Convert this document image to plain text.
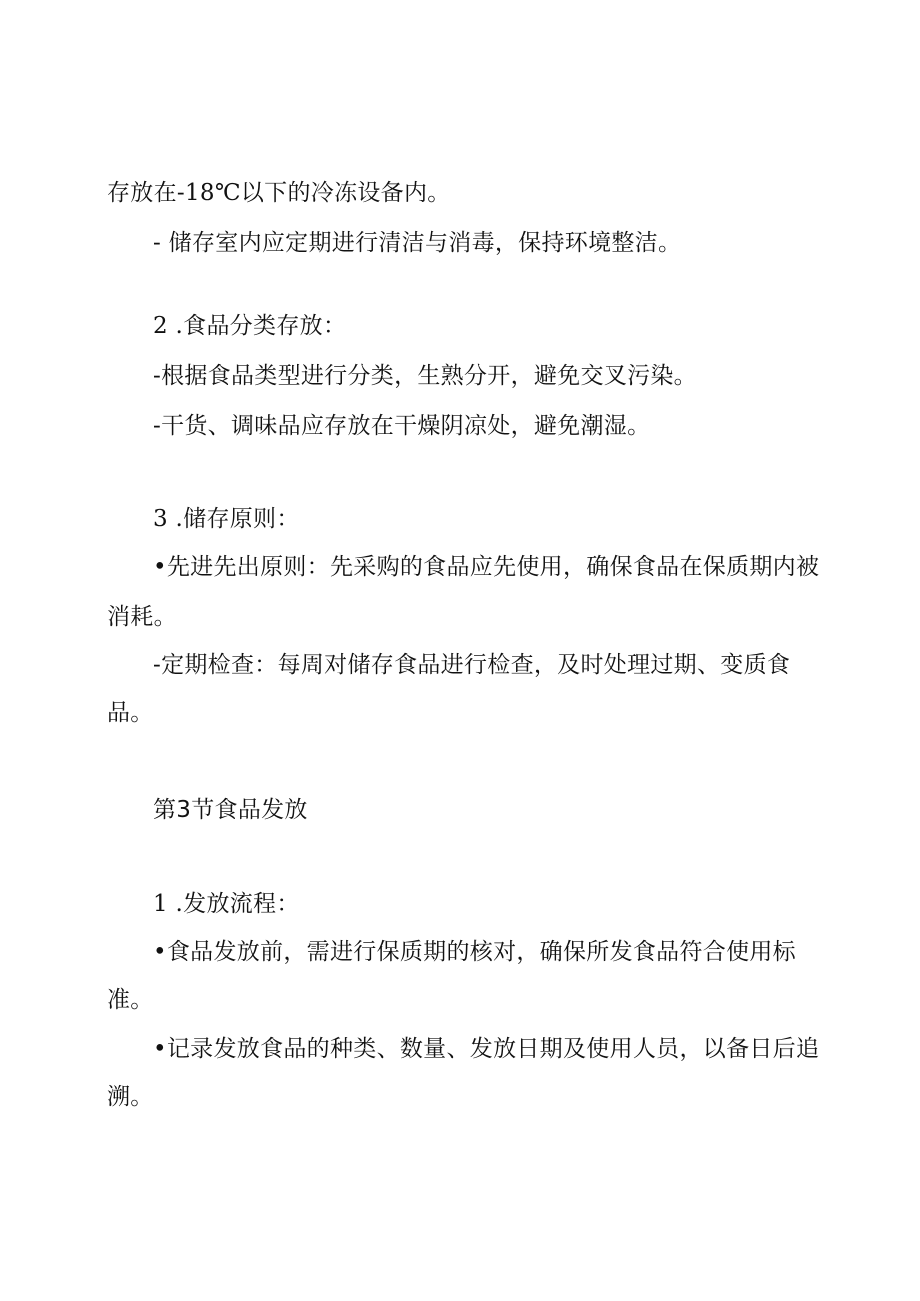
存放在-18℃以下的冷冻设备内。
- 储存室内应定期进行清洁与消毒，保持环境整洁。
2 .食品分类存放：
-根据食品类型进行分类，生熟分开，避免交叉污染。
-干货、调味品应存放在干燥阴凉处，避免潮湿。
3 .储存原则：
•先进先出原则：先采购的食品应先使用，确保食品在保质期内被
消耗。
-定期检查：每周对储存食品进行检查，及时处理过期、变质食
品。
第3节食品发放
1 .发放流程：
•食品发放前，需进行保质期的核对，确保所发食品符合使用标
准。
•记录发放食品的种类、数量、发放日期及使用人员，以备日后追
溯。
